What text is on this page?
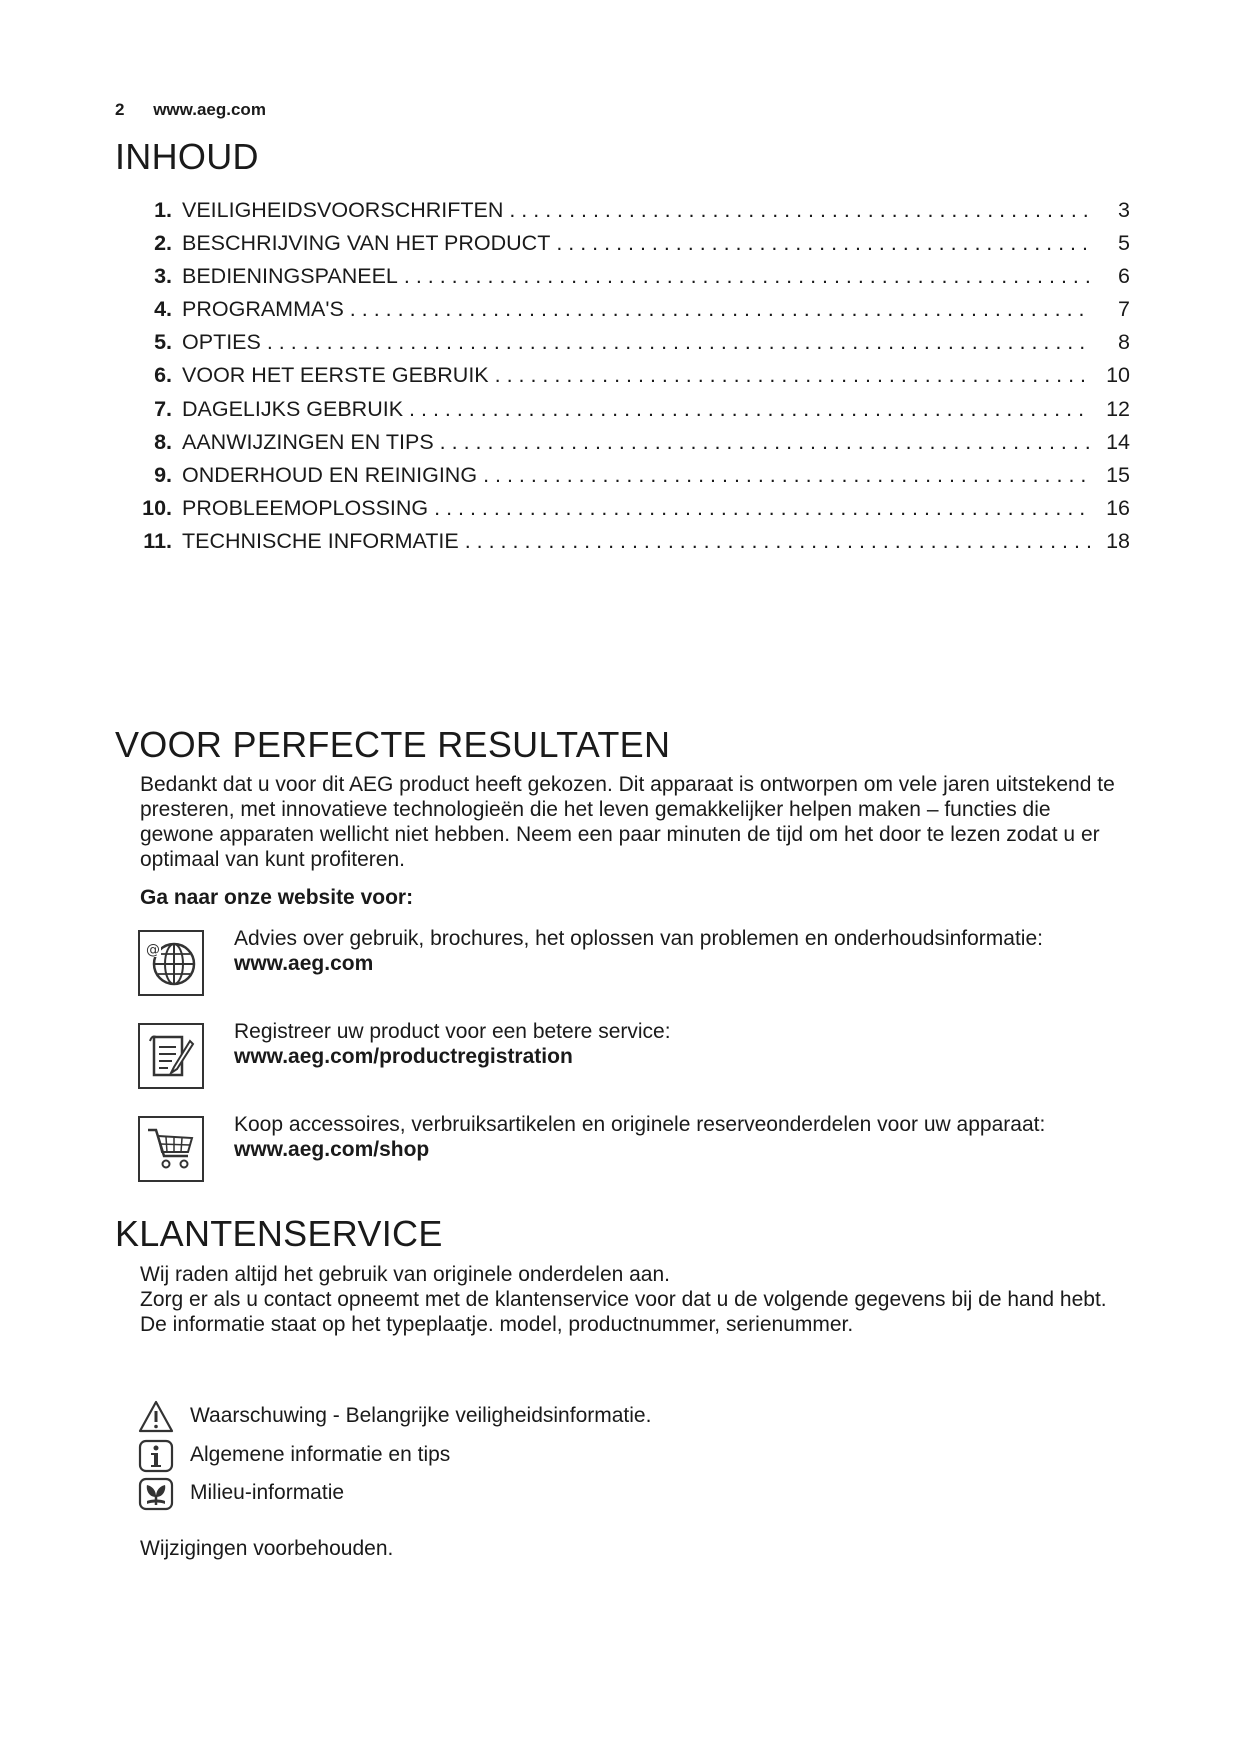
2 www.aeg.com
INHOUD
1. VEILIGHEIDSVOORSCHRIFTEN . . .	3
2. BESCHRIJVING VAN HET PRODUCT . . .	5
3. BEDIENINGSPANEEL . . .	6
4. PROGRAMMA'S . . .	7
5. OPTIES . . .	8
6. VOOR HET EERSTE GEBRUIK . . .	10
7. DAGELIJKS GEBRUIK . . .	12
8. AANWIJZINGEN EN TIPS . . .	14
9. ONDERHOUD EN REINIGING . . .	15
10. PROBLEEMOPLOSSING . . .	16
11. TECHNISCHE INFORMATIE . . .	18
VOOR PERFECTE RESULTATEN

Bedankt dat u voor dit AEG product heeft gekozen. Dit apparaat is ontworpen om vele jaren uitstekend te presteren, met innovatieve technologieën die het leven gemakkelijker helpen maken – functies die gewone apparaten wellicht niet hebben. Neem een paar minuten de tijd om het door te lezen zodat u er optimaal van kunt profiteren.

Ga naar onze website voor:

@	Advies over gebruik, brochures, het oplossen van problemen en onderhoudsinformatie:
www.aeg.com
Registreer uw product voor een betere service:
www.aeg.com/productregistration
Koop accessoires, verbruiksartikelen en originele reserveonderdelen voor uw apparaat:
www.aeg.com/shop
KLANTENSERVICE

Wij raden altijd het gebruik van originele onderdelen aan.
Zorg er als u contact opneemt met de klantenservice voor dat u de volgende gegevens bij de hand hebt.
De informatie staat op het typeplaatje. model, productnummer, serienummer.

Waarschuwing - Belangrijke veiligheidsinformatie.
Algemene informatie en tips
Milieu-informatie

Wijzigingen voorbehouden.
